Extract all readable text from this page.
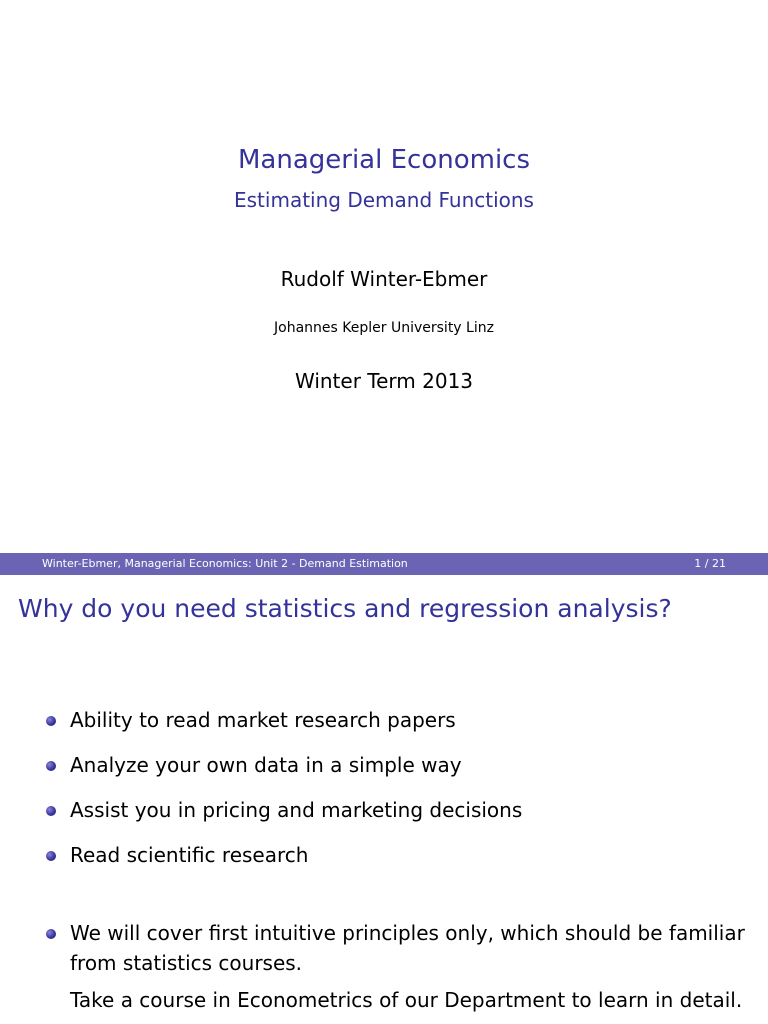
Managerial Economics
Estimating Demand Functions
Rudolf Winter-Ebmer
Johannes Kepler University Linz
Winter Term 2013
Winter-Ebmer, Managerial Economics: Unit 2 - Demand Estimation	1 / 21
Why do you need statistics and regression analysis?
Ability to read market research papers
Analyze your own data in a simple way
Assist you in pricing and marketing decisions
Read scientific research
We will cover first intuitive principles only, which should be familiar from statistics courses.
Take a course in Econometrics of our Department to learn in detail.
